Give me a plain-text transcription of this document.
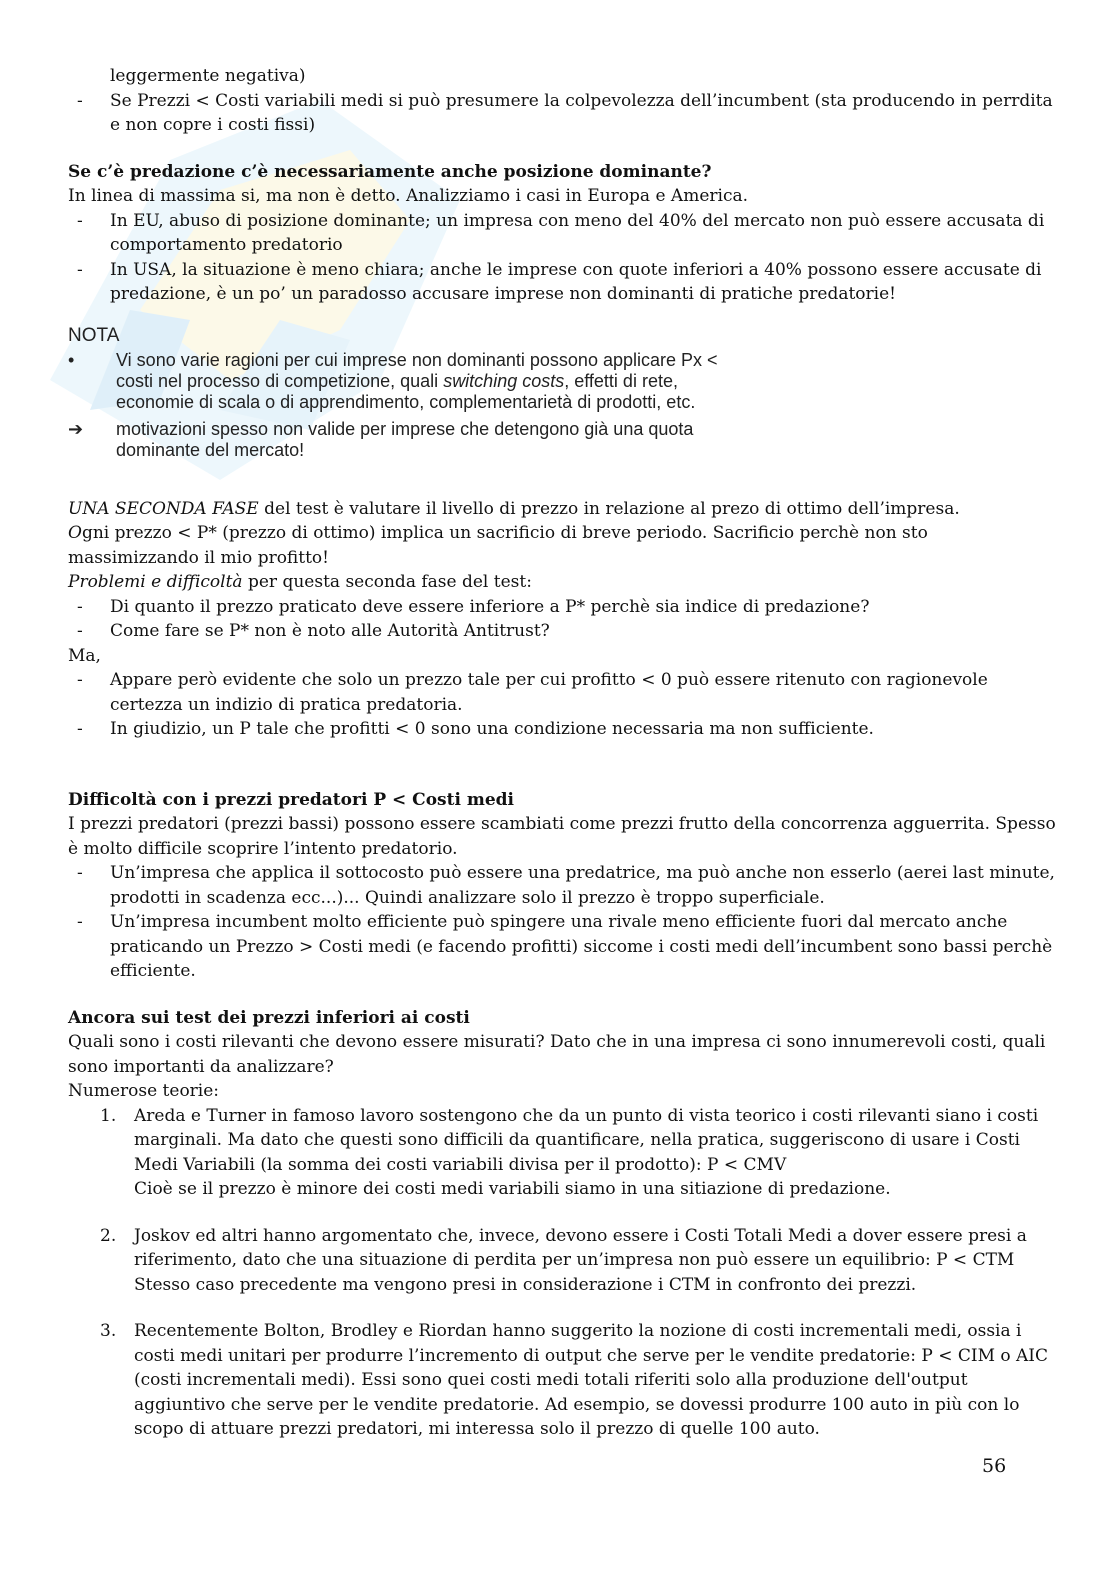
leggermente negativa)

- Se Prezzi < Costi variabili medi si può presumere la colpevolezza dell’incumbent (sta producendo in perrdita e non copre i costi fissi)

Se c’è predazione c’è necessariamente anche posizione dominante?

In linea di massima si, ma non è detto. Analizziamo i casi in Europa e America.

- In EU, abuso di posizione dominante; un impresa con meno del 40% del mercato non può essere accusata di comportamento predatorio

- In USA, la situazione è meno chiara; anche le imprese con quote inferiori a 40% possono essere accusate di predazione, è un po’ un paradosso accusare imprese non dominanti di pratiche predatorie!

NOTA
• Vi sono varie ragioni per cui imprese non dominanti possono applicare Px < costi nel processo di competizione, quali switching costs, effetti di rete, economie di scala o di apprendimento, complementarietà di prodotti, etc.
➔ motivazioni spesso non valide per imprese che detengono già una quota dominante del mercato!

UNA SECONDA FASE del test è valutare il livello di prezzo in relazione al prezo di ottimo dell’impresa.

Ogni prezzo < P* (prezzo di ottimo) implica un sacrificio di breve periodo. Sacrificio perchè non sto massimizzando il mio profitto!

Problemi e difficoltà per questa seconda fase del test:

- Di quanto il prezzo praticato deve essere inferiore a P* perchè sia indice di predazione?

- Come fare se P* non è noto alle Autorità Antitrust?

Ma,

- Appare però evidente che solo un prezzo tale per cui profitto < 0 può essere ritenuto con ragionevole certezza un indizio di pratica predatoria.

- In giudizio, un P tale che profitti < 0 sono una condizione necessaria ma non sufficiente.

Difficoltà con i prezzi predatori P < Costi medi

I prezzi predatori (prezzi bassi) possono essere scambiati come prezzi frutto della concorrenza agguerrita. Spesso è molto difficile scoprire l’intento predatorio.

- Un’impresa che applica il sottocosto può essere una predatrice, ma può anche non esserlo (aerei last minute, prodotti in scadenza ecc...)... Quindi analizzare solo il prezzo è troppo superficiale.

- Un’impresa incumbent molto efficiente può spingere una rivale meno efficiente fuori dal mercato anche praticando un Prezzo > Costi medi (e facendo profitti) siccome i costi medi dell’incumbent sono bassi perchè efficiente.

Ancora sui test dei prezzi inferiori ai costi

Quali sono i costi rilevanti che devono essere misurati? Dato che in una impresa ci sono innumerevoli costi, quali sono importanti da analizzare?

Numerose teorie:

1. Areda e Turner in famoso lavoro sostengono che da un punto di vista teorico i costi rilevanti siano i costi marginali. Ma dato che questi sono difficili da quantificare, nella pratica, suggeriscono di usare i Costi Medi Variabili (la somma dei costi variabili divisa per il prodotto): P < CMV

Cioè se il prezzo è minore dei costi medi variabili siamo in una sitiazione di predazione.

2. Joskov ed altri hanno argomentato che, invece, devono essere i Costi Totali Medi a dover essere presi a riferimento, dato che una situazione di perdita per un’impresa non può essere un equilibrio: P < CTM

Stesso caso precedente ma vengono presi in considerazione i CTM in confronto dei prezzi.

3. Recentemente Bolton, Brodley e Riordan hanno suggerito la nozione di costi incrementali medi, ossia i costi medi unitari per produrre l’incremento di output che serve per le vendite predatorie: P < CIM o AIC (costi incrementali medi). Essi sono quei costi medi totali riferiti solo alla produzione dell'output aggiuntivo che serve per le vendite predatorie. Ad esempio, se dovessi produrre 100 auto in più con lo scopo di attuare prezzi predatori, mi interessa solo il prezzo di quelle 100 auto.

56
